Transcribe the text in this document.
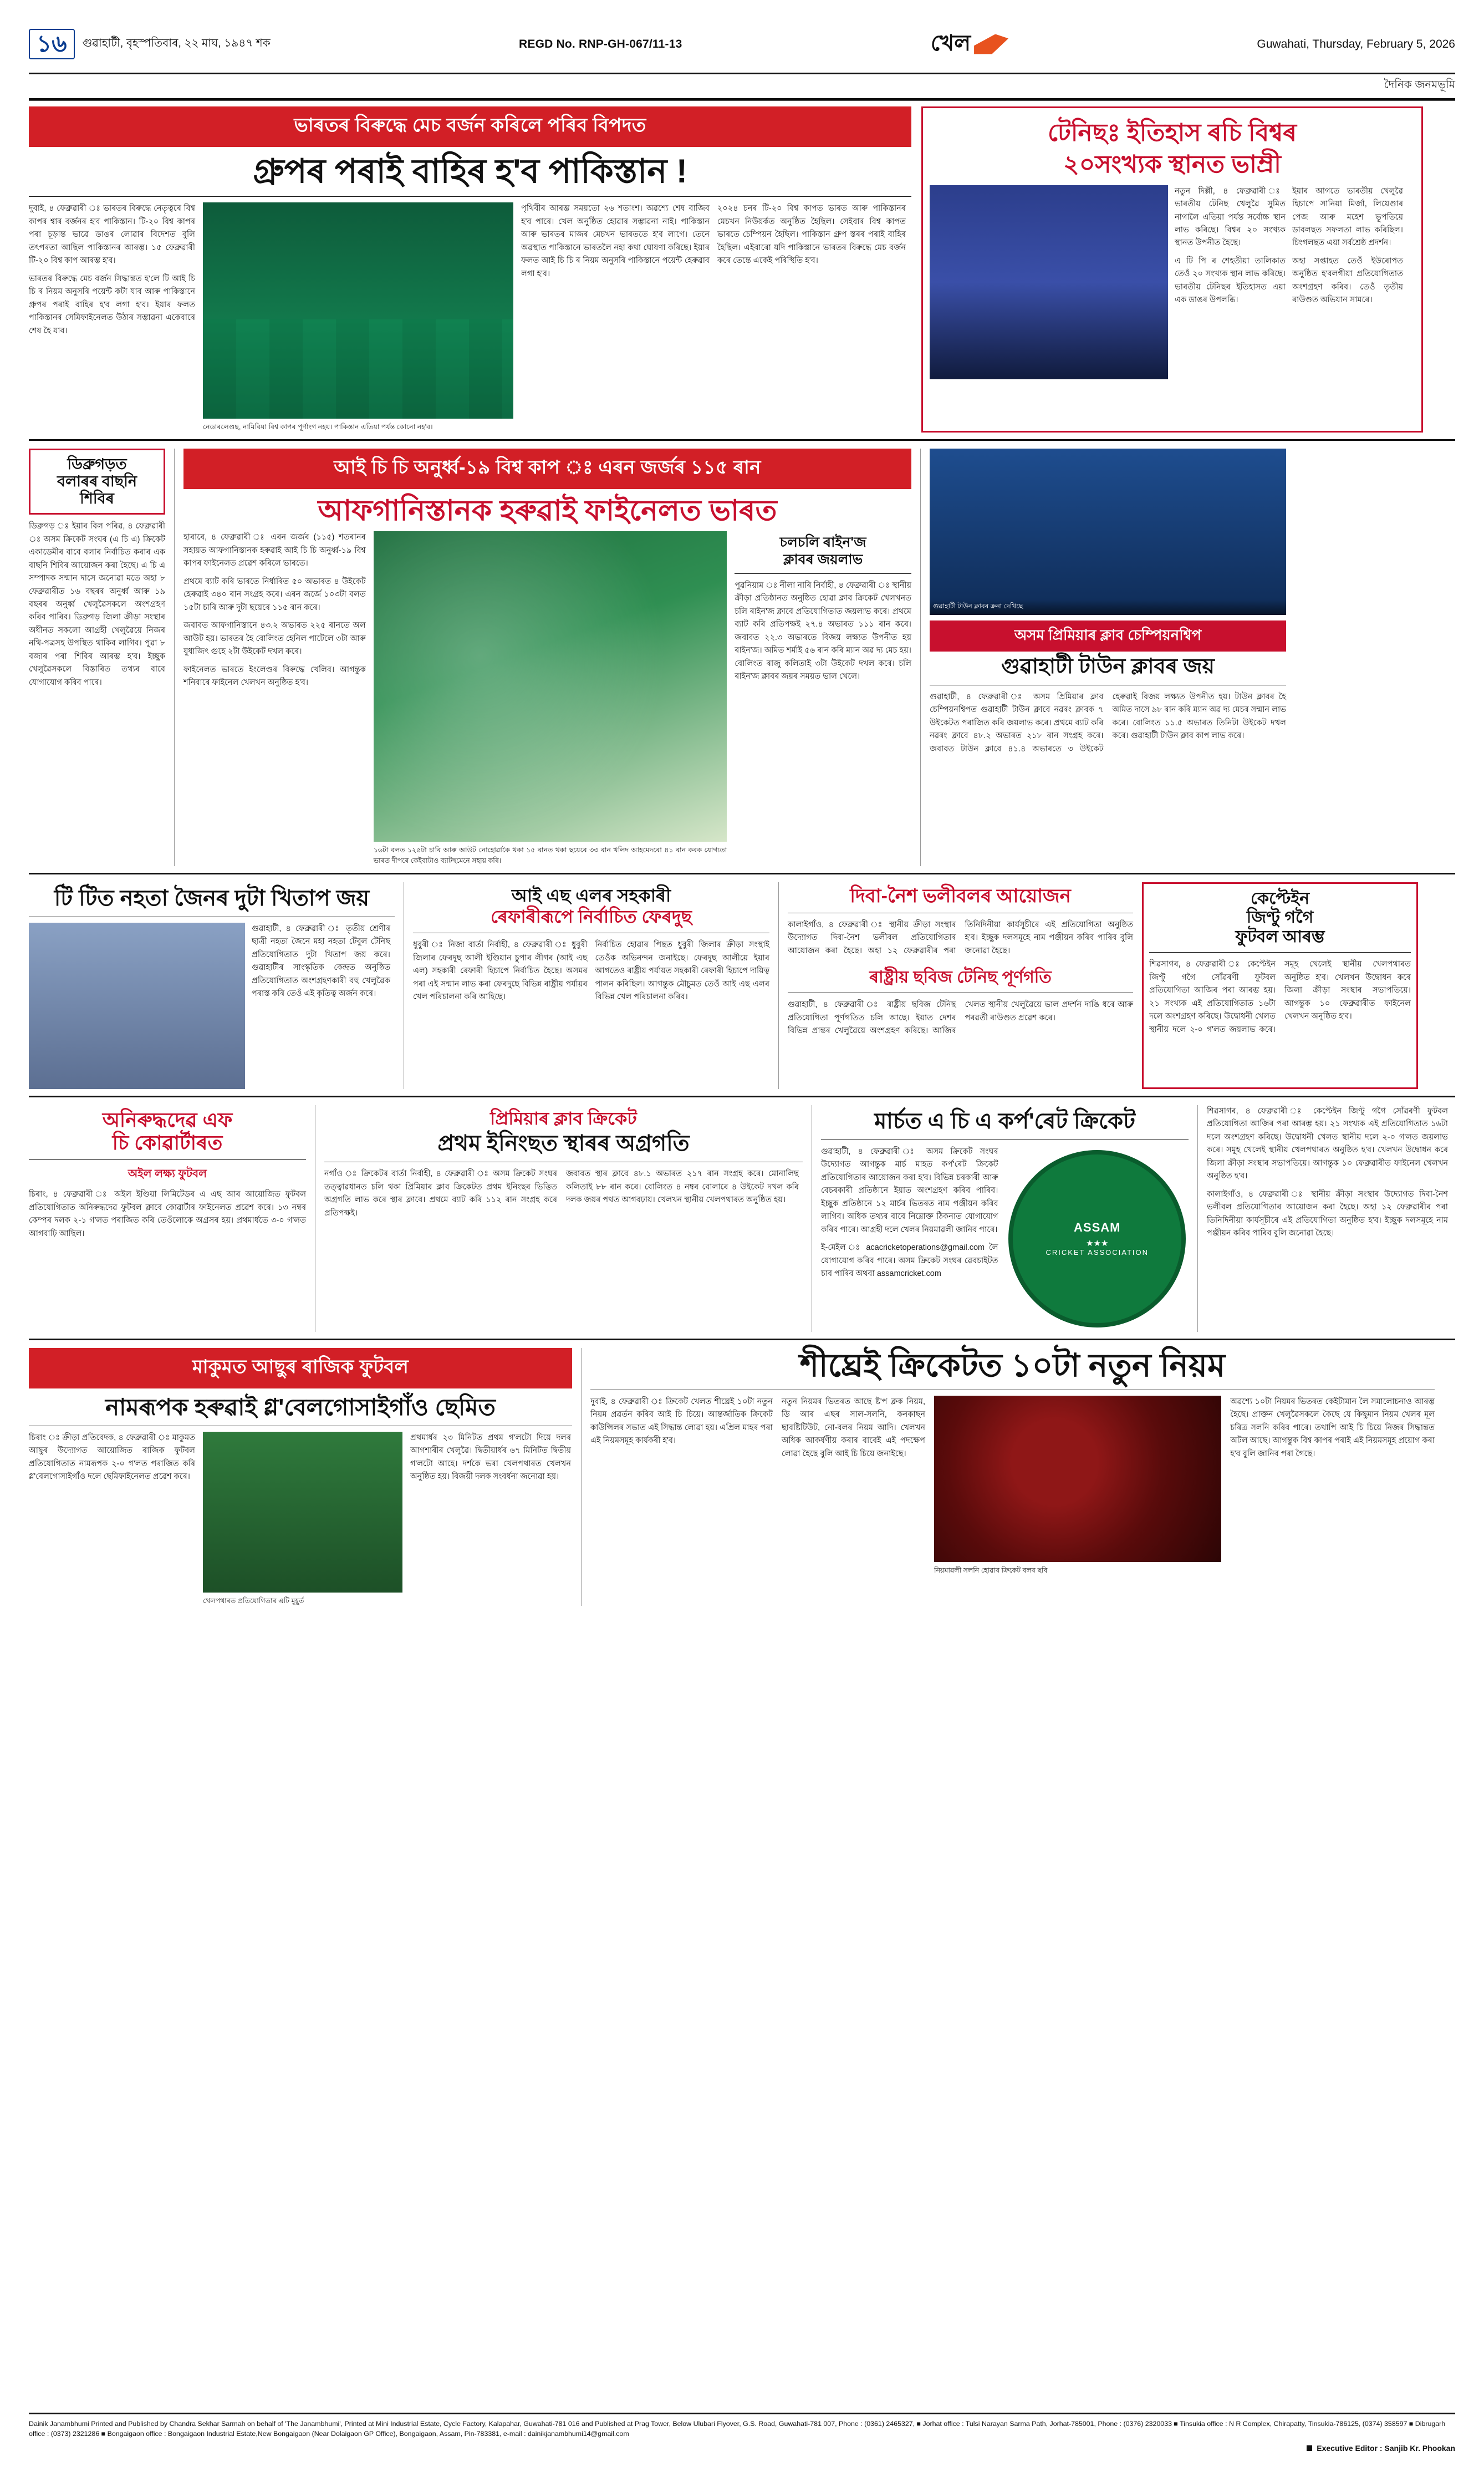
১৬	গুৱাহাটী, বৃহস্পতিবাৰ, ২২ মাঘ, ১৯৪৭ শক	REGD No. RNP-GH-067/11-13	খেল	Guwahati, Thursday, February 5, 2026
দৈনিক জনমভূমি
ভাৰতৰ বিৰুদ্ধে মেচ বৰ্জন কৰিলে পৰিব বিপদত
গ্ৰুপৰ পৰাই বাহিৰ হ'ব পাকিস্তান !

দুবাই, ৪ ফেব্ৰুৱাৰী ঃ ভাৰতৰ বিৰুদ্ধে নেতৃত্বৰে বিশ্ব কাপৰ শ্বাৰ বৰ্জনৰ হ'ব পাকিস্তান। টি-২০ বিশ্ব কাপৰ পৰা চূড়ান্ত ভাৱে ডাঙৰ লোৱাৰ বিদেশত বুলি তৎপৰতা আছিল পাকিস্তানৰ আৰম্ভ। ১৫ ফেব্ৰুৱাৰী টি-২০ বিশ্ব কাপ আৰম্ভ হ'ব।

ভাৰতৰ বিৰুদ্ধে মেচ বৰ্জন সিদ্ধান্তত হ'লে টি আই চি চি ৰ নিয়ম অনুসৰি পয়েন্ট কটা যাব আৰু পাকিস্তানে গ্ৰুপৰ পৰাই বাহিৰ হ'ব লগা হ'ব। ইয়াৰ ফলত পাকিস্তানৰ সেমিফাইনেলত উঠাৰ সম্ভাৱনা একেবাৰে শেষ হৈ যাব।

নেডাৰলেণ্ডছ, নামিবিয়া বিশ্ব কাপৰ পূৰ্ণাংগ নহয়। পাকিস্তান এতিয়া পৰ্যন্ত কোনো নহ'ব।

পৃথিবীৰ আৰম্ভ সময়তো ২৬ শতাংশ। অৱশ্যে শেষ বাজিব হ'ব পাৰে। খেল অনুষ্ঠিত হোৱাৰ সম্ভাৱনা নাই। পাকিস্তান আৰু ভাৰতৰ মাজৰ মেচখন ভাৰততে হ'ব লাগে। তেনে অৱস্থাত পাকিস্তানে ভাৰতলৈ নহা কথা ঘোষণা কৰিছে। ইয়াৰ ফলত আই চি চি ৰ নিয়ম অনুসৰি পাকিস্তানে পয়েন্ট হেৰুৱাব লগা হ'ব।

২০২৪ চনৰ টি-২০ বিশ্ব কাপত ভাৰত আৰু পাকিস্তানৰ মেচখন নিউয়ৰ্কত অনুষ্ঠিত হৈছিল। সেইবাৰ বিশ্ব কাপত ভাৰতে চেম্পিয়ন হৈছিল। পাকিস্তান গ্ৰুপ স্তৰৰ পৰাই বাহিৰ হৈছিল। এইবাৰো যদি পাকিস্তানে ভাৰতৰ বিৰুদ্ধে মেচ বৰ্জন কৰে তেন্তে একেই পৰিস্থিতি হ'ব।

টেনিছঃ ইতিহাস ৰচি বিশ্বৰ
২০সংখ্যক স্থানত ভাম্ৰী

নতুন দিল্লী, ৪ ফেব্ৰুৱাৰী ঃ ভাৰতীয় টেনিছ খেলুৱৈ সুমিত নাগালৈ এতিয়া পৰ্যন্ত সৰ্বোচ্চ স্থান লাভ কৰিছে। বিশ্বৰ ২০ সংখ্যক স্থানত উপনীত হৈছে।

এ টি পি ৰ শেহতীয়া তালিকাত তেওঁ ২০ সংখ্যক স্থান লাভ কৰিছে। ভাৰতীয় টেনিছৰ ইতিহাসত এয়া এক ডাঙৰ উপলব্ধি।

ইয়াৰ আগতে ভাৰতীয় খেলুৱৈ হিচাপে সানিয়া মিৰ্জা, লিয়েণ্ডাৰ পেজ আৰু মহেশ ভূপতিয়ে ডাবলছত সফলতা লাভ কৰিছিল। চিংগলছত এয়া সৰ্বশ্ৰেষ্ঠ প্ৰদৰ্শন।

অহা সপ্তাহত তেওঁ ইউৰোপত অনুষ্ঠিত হ'বলগীয়া প্ৰতিযোগিতাত অংশগ্ৰহণ কৰিব। তেওঁ তৃতীয় ৰাউণ্ডত অভিযান সামৰে।

ডিব্ৰুগড়ত
বলাৰৰ বাছনি
শিবিৰ

ডিব্ৰুগড় ঃ ইয়াৰ বিল পৰিৱ, ৪ ফেব্ৰুৱাৰী ঃ অসম ক্ৰিকেট সংঘৰ (এ চি এ) ক্ৰিকেট একাডেমীৰ বাবে বলাৰ নিৰ্বাচিত কৰাৰ এক বাছনি শিবিৰ আয়োজন কৰা হৈছে। এ চি এ সম্পাদক সন্মান দাসে জনোৱা মতে অহা ৮ ফেব্ৰুৱাৰীত ১৬ বছৰৰ অনুৰ্ধ্ব আৰু ১৯ বছৰৰ অনুৰ্ধ্ব খেলুৱৈসকলে অংশগ্ৰহণ কৰিব পাৰিব। ডিব্ৰুগড় জিলা ক্ৰীড়া সংস্থাৰ অধীনত সকলো আগ্ৰহী খেলুৱৈয়ে নিজৰ নথি-পত্ৰসহ উপস্থিত থাকিব লাগিব। পুৱা ৮ বজাৰ পৰা শিবিৰ আৰম্ভ হ'ব। ইচ্ছুক খেলুৱৈসকলে বিস্তাৰিত তথ্যৰ বাবে যোগাযোগ কৰিব পাৰে।

আই চি চি অনুৰ্ধ্ব-১৯ বিশ্ব কাপ ঃ এৰন জৰ্জৰ ১১৫ ৰান
আফগানিস্তানক হৰুৱাই ফাইনেলত ভাৰত

হাৰাৰে, ৪ ফেব্ৰুৱাৰী ঃ এৰন জৰ্জৰ (১১৫) শতৰানৰ সহায়ত আফগানিস্তানক হৰুৱাই আই চি চি অনুৰ্ধ্ব-১৯ বিশ্ব কাপৰ ফাইনেলত প্ৰৱেশ কৰিলে ভাৰতে।

প্ৰথমে ব্যাট কৰি ভাৰতে নিৰ্ধাৰিত ৫০ অভাৰত ৪ উইকেট হেৰুৱাই ৩৪০ ৰান সংগ্ৰহ কৰে। এৰন জৰ্জে ১০৩টা বলত ১৫টা চাৰি আৰু দুটা ছয়েৰে ১১৫ ৰান কৰে।

জবাবত আফগানিস্তানে ৪৩.২ অভাৰত ২২৫ ৰানতে অল আউট হয়। ভাৰতৰ হৈ বোলিংত হেনিল পাটেলে ৩টা আৰু যুধাজিৎ গুহে ২টা উইকেট দখল কৰে।

ফাইনেলত ভাৰতে ইংলেণ্ডৰ বিৰুদ্ধে খেলিব। আগন্তুক শনিবাৰে ফাইনেল খেলখন অনুষ্ঠিত হ'ব।

১৬টা বলত ১২৫টা চাৰি আৰু আউট নোহোৱাকৈ থকা ১৫ ৰানত থকা ছয়েৰে ৩৩ ৰান খলিদ আহমেদৰো ৪১ ৰান কৰক যোগ্যতা ভাৰত দীপৰে কেইবাটাও ব্যাটছমেনে সহায় কৰি।
চলচলি ৰাইন'জ
ক্লাবৰ জয়লাভ

পুৱনিয়াম ঃ নীলা নাৰি নিৰ্বাহী, ৪ ফেব্ৰুৱাৰী ঃ স্থানীয় ক্ৰীড়া প্ৰতিষ্ঠানত অনুষ্ঠিত হোৱা ক্লাব ক্ৰিকেট খেলখনত চলি ৰাইন'জ ক্লাবে প্ৰতিযোগিতাত জয়লাভ কৰে। প্ৰথমে ব্যাট কৰি প্ৰতিপক্ষই ২৭.৪ অভাৰত ১১১ ৰান কৰে। জবাবত ২২.৩ অভাৰতে বিজয় লক্ষ্যত উপনীত হয় ৰাইন'জ। অমিত শৰ্মাই ৫৬ ৰান কৰি ম্যান অৱ দ্য মেচ হয়। বোলিংত ৰাজু কলিতাই ৩টা উইকেট দখল কৰে। চলি ৰাইন'জ ক্লাবৰ জয়ৰ সময়ত ভাল খেলে।

গুৱাহাটী টাউন ক্লাবৰ ক্ৰনা দেখিছে
অসম প্ৰিমিয়াৰ ক্লাব চেম্পিয়নশ্বিপ
গুৱাহাটী টাউন ক্লাবৰ জয়

গুৱাহাটী, ৪ ফেব্ৰুৱাৰী ঃ অসম প্ৰিমিয়াৰ ক্লাব চেম্পিয়নশ্বিপত গুৱাহাটী টাউন ক্লাবে নৱৰং ক্লাবক ৭ উইকেটত পৰাজিত কৰি জয়লাভ কৰে। প্ৰথমে ব্যাট কৰি নৱৰং ক্লাবে ৪৮.২ অভাৰত ২১৮ ৰান সংগ্ৰহ কৰে। জবাবত টাউন ক্লাবে ৪১.৪ অভাৰতে ৩ উইকেট হেৰুৱাই বিজয় লক্ষ্যত উপনীত হয়। টাউন ক্লাবৰ হৈ অমিত দাসে ৯৮ ৰান কৰি ম্যান অৱ দ্য মেচৰ সন্মান লাভ কৰে। বোলিংত ১১.৫ অভাৰত তিনিটা উইকেট দখল কৰে। গুৱাহাটী টাউন ক্লাব কাপ লাভ কৰে।

টি টিত নহতা জৈনৰ দুটা খিতাপ জয়

গুৱাহাটী, ৪ ফেব্ৰুৱাৰী ঃ তৃতীয় শ্ৰেণীৰ ছাত্ৰী নহতা জৈনে মহা নহতা টেবুল টেনিছ প্ৰতিযোগিতাত দুটা খিতাপ জয় কৰে। গুৱাহাটীৰ সাংস্কৃতিক কেন্দ্ৰত অনুষ্ঠিত প্ৰতিযোগিতাত অংশগ্ৰহণকাৰী বহু খেলুৱৈক পৰাস্ত কৰি তেওঁ এই কৃতিত্ব অৰ্জন কৰে।

আই এছ এলৰ সহকাৰী
ৰেফাৰীৰূপে নিৰ্বাচিত ফেৰদুছ

ধুবুৰী ঃ নিজা বাৰ্তা নিৰ্বাহী, ৪ ফেব্ৰুৱাৰী ঃ ধুবুৰী জিলাৰ ফেৰদুছ আলী ইণ্ডিয়ান চুপাৰ লীগৰ (আই এছ এল) সহকাৰী ৰেফাৰী হিচাপে নিৰ্বাচিত হৈছে। অসমৰ পৰা এই সন্মান লাভ কৰা ফেৰদুছে বিভিন্ন ৰাষ্ট্ৰীয় পৰ্যায়ৰ খেল পৰিচালনা কৰি আহিছে।

নিৰ্বাচিত হোৱাৰ পিছত ধুবুৰী জিলাৰ ক্ৰীড়া সংস্থাই তেওঁক অভিনন্দন জনাইছে। ফেৰদুছ আলীয়ে ইয়াৰ আগতেও ৰাষ্ট্ৰীয় পৰ্যায়ত সহকাৰী ৰেফাৰী হিচাপে দায়িত্ব পালন কৰিছিল। আগন্তুক মৌচুমত তেওঁ আই এছ এলৰ বিভিন্ন খেল পৰিচালনা কৰিব।

দিবা-নৈশ ভলীবলৰ আয়োজন

কালাইগাঁও, ৪ ফেব্ৰুৱাৰী ঃ স্থানীয় ক্ৰীড়া সংস্থাৰ উদ্যোগত দিবা-নৈশ ভলীবল প্ৰতিযোগিতাৰ আয়োজন কৰা হৈছে। অহা ১২ ফেব্ৰুৱাৰীৰ পৰা তিনিদিনীয়া কাৰ্যসূচীৰে এই প্ৰতিযোগিতা অনুষ্ঠিত হ'ব। ইচ্ছুক দলসমূহে নাম পঞ্জীয়ন কৰিব পাৰিব বুলি জনোৱা হৈছে।

ৰাষ্ট্ৰীয় ছবিজ টেনিছ পূৰ্ণগতি

গুৱাহাটী, ৪ ফেব্ৰুৱাৰী ঃ ৰাষ্ট্ৰীয় ছবিজ টেনিছ প্ৰতিযোগিতা পূৰ্ণগতিত চলি আছে। ইয়াত দেশৰ বিভিন্ন প্ৰান্তৰ খেলুৱৈয়ে অংশগ্ৰহণ কৰিছে। আজিৰ খেলত স্থানীয় খেলুৱৈয়ে ভাল প্ৰদৰ্শন দাঙি ধৰে আৰু পৰৱৰ্তী ৰাউণ্ডত প্ৰৱেশ কৰে।

কেপ্টেইন
জিণ্টু গগৈ
ফুটবল আৰম্ভ

শিৱসাগৰ, ৪ ফেব্ৰুৱাৰী ঃ কেপ্টেইন জিণ্টু গগৈ সোঁৱৰণী ফুটবল প্ৰতিযোগিতা আজিৰ পৰা আৰম্ভ হয়। ২১ সংখ্যক এই প্ৰতিযোগিতাত ১৬টা দলে অংশগ্ৰহণ কৰিছে। উদ্বোধনী খেলত স্থানীয় দলে ২-০ গ'লত জয়লাভ কৰে। সমূহ খেলেই স্থানীয় খেলপথাৰত অনুষ্ঠিত হ'ব। খেলখন উদ্বোধন কৰে জিলা ক্ৰীড়া সংস্থাৰ সভাপতিয়ে। আগন্তুক ১০ ফেব্ৰুৱাৰীত ফাইনেল খেলখন অনুষ্ঠিত হ'ব।

অনিৰুদ্ধদেৱ এফ
চি কোৱাৰ্টাৰত
অইল লক্ষ্য ফুটবল

চিৰাং, ৪ ফেব্ৰুৱাৰী ঃ অইল ইণ্ডিয়া লিমিটেডৰ এ এছ আৰ আয়োজিত ফুটবল প্ৰতিযোগিতাত অনিৰুদ্ধদেৱ ফুটবল ক্লাবে কোৱাৰ্টাৰ ফাইনেলত প্ৰৱেশ কৰে। ১৩ নম্বৰ কেম্পৰ দলক ২-১ গ'লত পৰাজিত কৰি তেওঁলোকে অগ্ৰসৰ হয়। প্ৰথমাৰ্ধতে ৩-০ গ'লত আগবাঢ়ি আছিল।

প্ৰিমিয়াৰ ক্লাব ক্ৰিকেট
প্ৰথম ইনিংছত স্থাৰৰ অগ্ৰগতি

নগাঁও ঃ ক্ৰিকেটৰ বাৰ্তা নিৰ্বাহী, ৪ ফেব্ৰুৱাৰী ঃ অসম ক্ৰিকেট সংঘৰ তত্ত্বাৱধানত চলি থকা প্ৰিমিয়াৰ ক্লাব ক্ৰিকেটত প্ৰথম ইনিংছৰ ভিত্তিত অগ্ৰগতি লাভ কৰে স্থাৰ ক্লাবে। প্ৰথমে ব্যাট কৰি ১১২ ৰান সংগ্ৰহ কৰে প্ৰতিপক্ষই।

জবাবত স্থাৰ ক্লাবে ৪৮.১ অভাৰত ২১৭ ৰান সংগ্ৰহ কৰে। মোনালিছ কলিতাই ৮৮ ৰান কৰে। বোলিংত ৪ নম্বৰ বোলাৰে ৪ উইকেট দখল কৰি দলক জয়ৰ পথত আগবঢ়ায়। খেলখন স্থানীয় খেলপথাৰত অনুষ্ঠিত হয়।

মাৰ্চত এ চি এ কৰ্প'ৰেট ক্ৰিকেট

গুৱাহাটী, ৪ ফেব্ৰুৱাৰী ঃ অসম ক্ৰিকেট সংঘৰ উদ্যোগত আগন্তুক মাৰ্চ মাহত কৰ্প'ৰেট ক্ৰিকেট প্ৰতিযোগিতাৰ আয়োজন কৰা হ'ব। বিভিন্ন চৰকাৰী আৰু বেচৰকাৰী প্ৰতিষ্ঠানে ইয়াত অংশগ্ৰহণ কৰিব পাৰিব। ইচ্ছুক প্ৰতিষ্ঠানে ১২ মাৰ্চৰ ভিতৰত নাম পঞ্জীয়ন কৰিব লাগিব। অধিক তথ্যৰ বাবে নিম্নোক্ত ঠিকনাত যোগাযোগ কৰিব পাৰে। আগ্ৰহী দলে খেলৰ নিয়মাৱলী জানিব পাৰে।

ই-মেইল ঃ acacricketoperations@gmail.com লৈ যোগাযোগ কৰিব পাৰে। অসম ক্ৰিকেট সংঘৰ ৱেবচাইটত চাব পাৰিব অথবা assamcricket.com

ASSAM
★★★
CRICKET ASSOCIATION

শিৱসাগৰ, ৪ ফেব্ৰুৱাৰী ঃ কেপ্টেইন জিণ্টু গগৈ সোঁৱৰণী ফুটবল প্ৰতিযোগিতা আজিৰ পৰা আৰম্ভ হয়। ২১ সংখ্যক এই প্ৰতিযোগিতাত ১৬টা দলে অংশগ্ৰহণ কৰিছে। উদ্বোধনী খেলত স্থানীয় দলে ২-০ গ'লত জয়লাভ কৰে। সমূহ খেলেই স্থানীয় খেলপথাৰত অনুষ্ঠিত হ'ব। খেলখন উদ্বোধন কৰে জিলা ক্ৰীড়া সংস্থাৰ সভাপতিয়ে। আগন্তুক ১০ ফেব্ৰুৱাৰীত ফাইনেল খেলখন অনুষ্ঠিত হ'ব।

কালাইগাঁও, ৪ ফেব্ৰুৱাৰী ঃ স্থানীয় ক্ৰীড়া সংস্থাৰ উদ্যোগত দিবা-নৈশ ভলীবল প্ৰতিযোগিতাৰ আয়োজন কৰা হৈছে। অহা ১২ ফেব্ৰুৱাৰীৰ পৰা তিনিদিনীয়া কাৰ্যসূচীৰে এই প্ৰতিযোগিতা অনুষ্ঠিত হ'ব। ইচ্ছুক দলসমূহে নাম পঞ্জীয়ন কৰিব পাৰিব বুলি জনোৱা হৈছে।

মাকুমত আছুৰ ৰাজিক ফুটবল
নামৰূপক হৰুৱাই গ্ল'বেলগোসাইগাঁও ছেমিত

চিৰাং ঃ ক্ৰীড়া প্ৰতিবেদক, ৪ ফেব্ৰুৱাৰী ঃ মাকুমত আছুৰ উদ্যোগত আয়োজিত ৰাজিক ফুটবল প্ৰতিযোগিতাত নামৰূপক ২-০ গ'লত পৰাজিত কৰি গ্ল'বেলগোসাইগাঁও দলে ছেমিফাইনেলত প্ৰৱেশ কৰে।

খেলপথাৰত প্ৰতিযোগিতাৰ এটি মুহূৰ্ত

প্ৰথমাৰ্ধৰ ২৩ মিনিটত প্ৰথম গ'লটো দিয়ে দলৰ আগশাৰীৰ খেলুৱৈ। দ্বিতীয়াৰ্ধৰ ৬৭ মিনিটত দ্বিতীয় গ'লটো আহে। দৰ্শকে ভৰা খেলপথাৰত খেলখন অনুষ্ঠিত হয়। বিজয়ী দলক সংবৰ্ধনা জনোৱা হয়।

শীঘ্ৰেই ক্ৰিকেটত ১০টা নতুন নিয়ম

দুবাই, ৪ ফেব্ৰুৱাৰী ঃ ক্ৰিকেট খেলত শীঘ্ৰেই ১০টা নতুন নিয়ম প্ৰৱৰ্তন কৰিব আই চি চিয়ে। আন্তৰ্জাতিক ক্ৰিকেট কাউন্সিলৰ সভাত এই সিদ্ধান্ত লোৱা হয়। এপ্ৰিল মাহৰ পৰা এই নিয়মসমূহ কাৰ্যকৰী হ'ব।

নতুন নিয়মৰ ভিতৰত আছে ষ্ট'প ক্লক নিয়ম, ডি আৰ এছৰ সাল-সলনি, কনকাছন ছাবষ্টিটিউট, নো-বলৰ নিয়ম আদি। খেলখন অধিক আকৰ্ষণীয় কৰাৰ বাবেই এই পদক্ষেপ লোৱা হৈছে বুলি আই চি চিয়ে জনাইছে।

নিয়মাৱলী সলনি হোৱাৰ ক্ৰিকেট বলৰ ছবি

অৱশ্যে ১০টা নিয়মৰ ভিতৰত কেইটামান লৈ সমালোচনাও আৰম্ভ হৈছে। প্ৰাক্তন খেলুৱৈসকলে কৈছে যে কিছুমান নিয়ম খেলৰ মূল চৰিত্ৰ সলনি কৰিব পাৰে। তথাপি আই চি চিয়ে নিজৰ সিদ্ধান্তত অটল আছে। আগন্তুক বিশ্ব কাপৰ পৰাই এই নিয়মসমূহ প্ৰয়োগ কৰা হ'ব বুলি জানিব পৰা গৈছে।

Dainik Janambhumi Printed and Published by Chandra Sekhar Sarmah on behalf of 'The Janambhumi', Printed at Mini Industrial Estate, Cycle Factory, Kalapahar, Guwahati-781 016 and Published at Prag Tower, Below Ulubari Flyover, G.S. Road, Guwahati-781 007, Phone : (0361) 2465327, ■ Jorhat office : Tulsi Narayan Sarma Path, Jorhat-785001, Phone : (0376) 2320033 ■ Tinsukia office : N R Complex, Chirapatty, Tinsukia-786125, (0374) 358597 ■ Dibrugarh office : (0373) 2321286 ■ Bongaigaon office : Bongaigaon Industrial Estate,New Bongaigaon (Near Dolaigaon GP Office), Bongaigaon, Assam, Pin-783381, e-mail : dainikjanambhumi14@gmail.com
Executive Editor : Sanjib Kr. Phookan
